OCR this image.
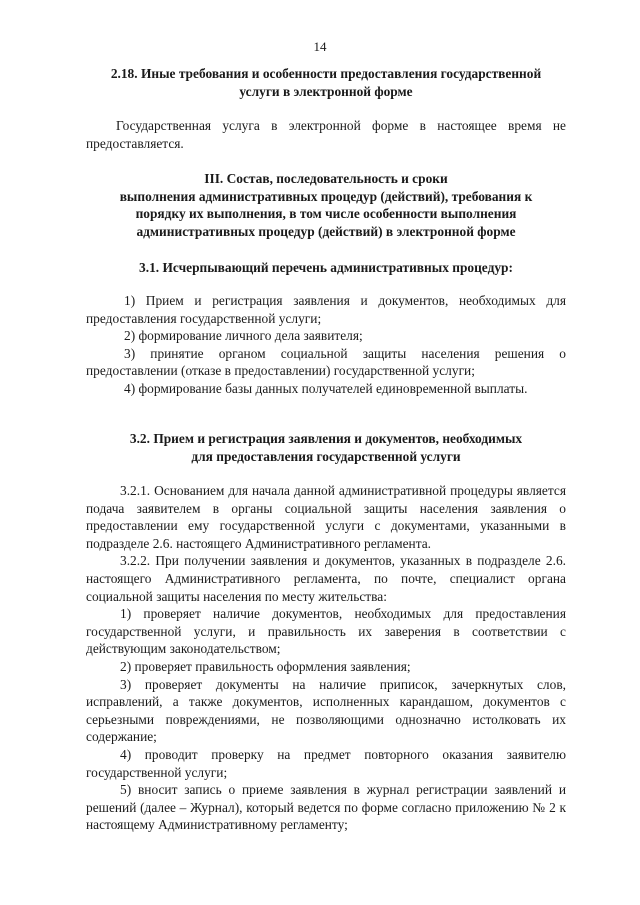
14
2.18. Иные требования и особенности предоставления государственной
услуги в электронной форме

Государственная услуга в электронной форме в настоящее время не предоставляется.

III. Состав, последовательность и сроки
выполнения административных процедур (действий), требования к
порядку их выполнения, в том числе особенности выполнения
административных процедур (действий) в электронной форме
3.1. Исчерпывающий перечень административных процедур:

1) Прием и регистрация заявления и документов, необходимых для предоставления государственной услуги;

2) формирование личного дела заявителя;

3) принятие органом социальной защиты населения решения о предоставлении (отказе в предоставлении) государственной услуги;

4) формирование базы данных получателей единовременной выплаты.

3.2. Прием и регистрация заявления и документов, необходимых
для предоставления государственной услуги

3.2.1. Основанием для начала данной административной процедуры является подача заявителем в органы социальной защиты населения заявления о предоставлении ему государственной услуги с документами, указанными в подразделе 2.6. настоящего Административного регламента.

3.2.2. При получении заявления и документов, указанных в подразделе 2.6. настоящего Административного регламента, по почте, специалист органа социальной защиты населения по месту жительства:

1) проверяет наличие документов, необходимых для предоставления государственной услуги, и правильность их заверения в соответствии с действующим законодательством;

2) проверяет правильность оформления заявления;

3) проверяет документы на наличие приписок, зачеркнутых слов, исправлений, а также документов, исполненных карандашом, документов с серьезными повреждениями, не позволяющими однозначно истолковать их содержание;

4) проводит проверку на предмет повторного оказания заявителю государственной услуги;

5) вносит запись о приеме заявления в журнал регистрации заявлений и решений (далее – Журнал), который ведется по форме согласно приложению № 2 к настоящему Административному регламенту;
